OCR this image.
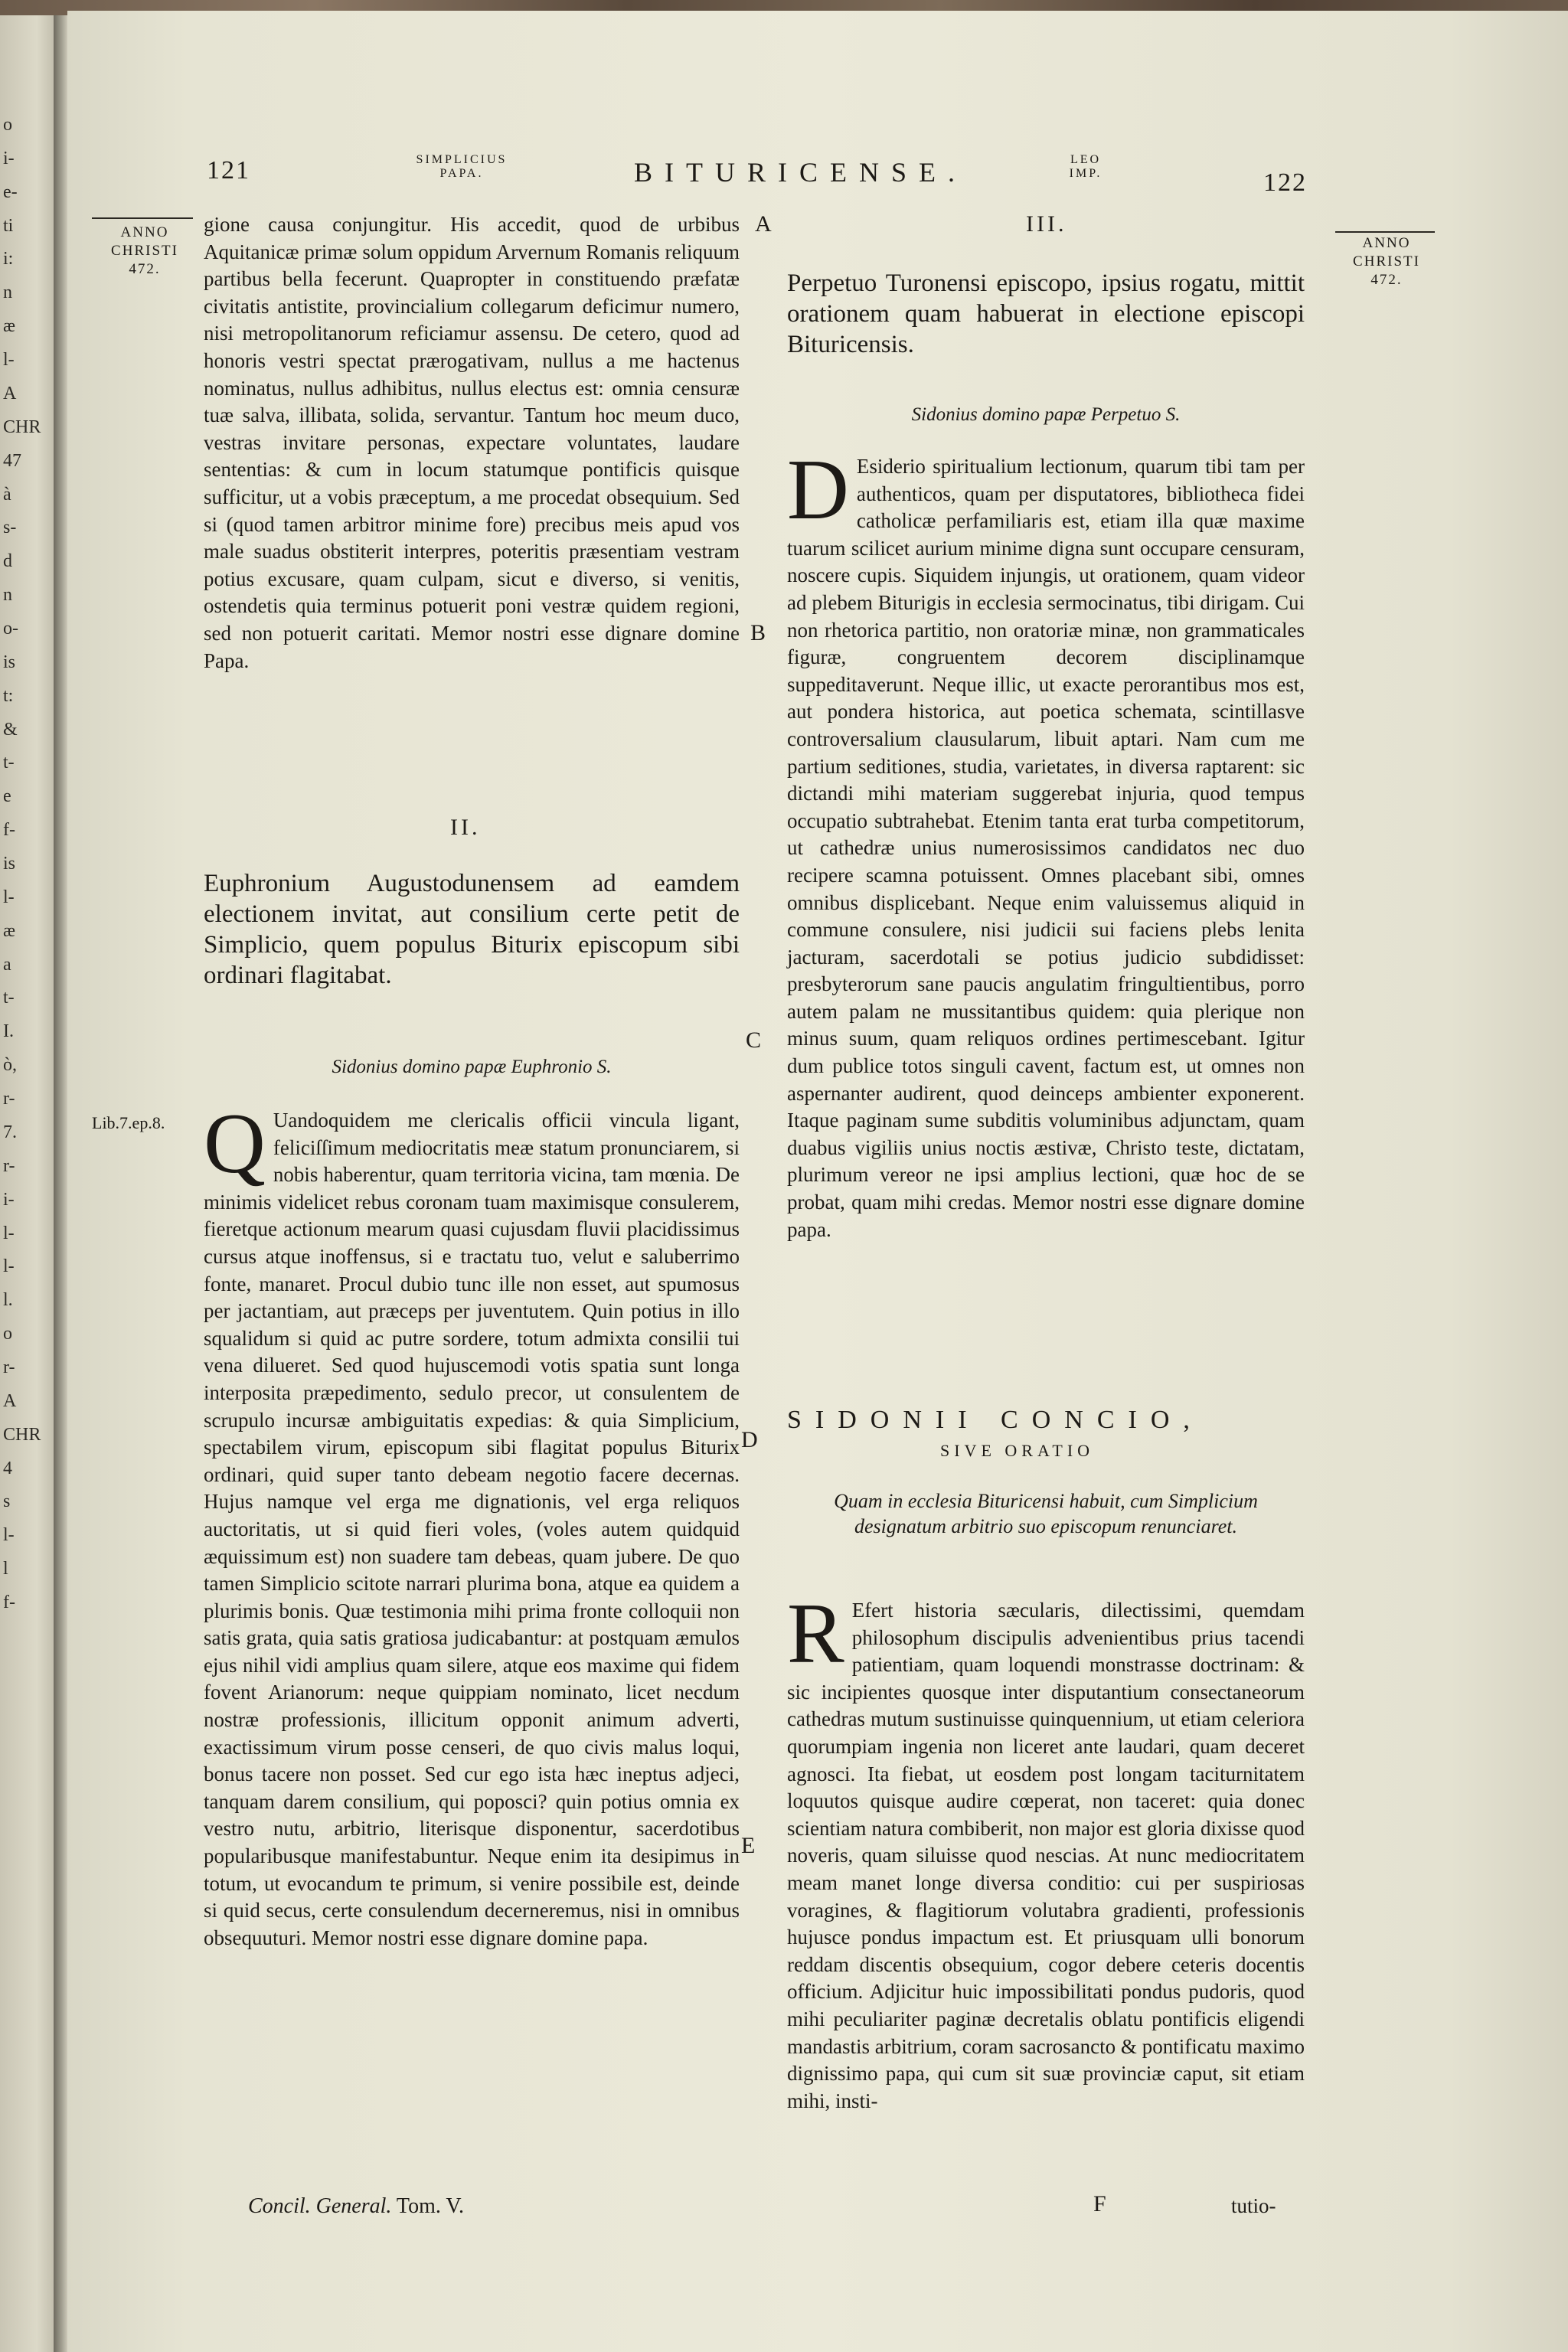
o
i-
e-
ti
i:
n
æ
l-
A
CHR
47
à
s-
d
n
o-
is
t:
&
t-
e
f-
is
l-
æ
a
t-
I.
ò,
r-
7.
r-
i-
l-
l-
l.
o
r-
A
CHR
4
s
l-
l
f-
121	SIMPLICIUS
PAPA.	BITURICENSE.	LEO
IMP.	122
ANNO
CHRISTI
472.
Lib.7.ep.8.
ANNO
CHRISTI
472.
A
B
C
D
E
F

gione causa conjungitur. His accedit, quod de urbibus Aquitanicæ primæ solum oppidum Arvernum Romanis reliquum partibus bella fecerunt. Quapropter in constituendo præfatæ civitatis antistite, provincialium collegarum deficimur numero, nisi metropolitanorum reficiamur assensu. De cetero, quod ad honoris vestri spectat prærogativam, nullus a me hactenus nominatus, nullus adhibitus, nullus electus est: omnia censuræ tuæ salva, illibata, solida, servantur. Tantum hoc meum duco, vestras invitare personas, expectare voluntates, laudare sententias: & cum in locum statumque pontificis quisque sufficitur, ut a vobis præceptum, a me procedat obsequium. Sed si (quod tamen arbitror minime fore) precibus meis apud vos male suadus obstiterit interpres, poteritis præsentiam vestram potius excusare, quam culpam, sicut e diverso, si venitis, ostendetis quia terminus potuerit poni vestræ quidem regioni, sed non potuerit caritati. Memor nostri esse dignare domine Papa.

II.
Euphronium Augustodunensem ad eamdem electionem invitat, aut consilium certe petit de Simplicio, quem populus Biturix episcopum sibi ordinari flagitabat.
Sidonius domino papæ Euphronio S.
Q Uandoquidem me clericalis officii vincula ligant, feliciſſimum mediocritatis meæ statum pronunciarem, si nobis haberentur, quam territoria vicina, tam mœnia. De minimis videlicet rebus coronam tuam maximisque consulerem, fieretque actionum mearum quasi cujusdam fluvii placidissimus cursus atque inoffensus, si e tractatu tuo, velut e saluberrimo fonte, manaret. Procul dubio tunc ille non esset, aut spumosus per jactantiam, aut præceps per juventutem. Quin potius in illo squalidum si quid ac putre sordere, totum admixta consilii tui vena dilueret. Sed quod hujuscemodi votis spatia sunt longa interposita præpedimento, sedulo precor, ut consulentem de scrupulo incursæ ambiguitatis expedias: & quia Simplicium, spectabilem virum, episcopum sibi flagitat populus Biturix ordinari, quid super tanto debeam negotio facere decernas. Hujus namque vel erga me dignationis, vel erga reliquos auctoritatis, ut si quid fieri voles, (voles autem quidquid æquissimum est) non suadere tam debeas, quam jubere. De quo tamen Simplicio scitote narrari plurima bona, atque ea quidem a plurimis bonis. Quæ testimonia mihi prima fronte colloquii non satis grata, quia satis gratiosa judicabantur: at postquam æmulos ejus nihil vidi amplius quam silere, atque eos maxime qui fidem fovent Arianorum: neque quippiam nominato, licet necdum nostræ professionis, illicitum opponit animum adverti, exactissimum virum posse censeri, de quo civis malus loqui, bonus tacere non posset. Sed cur ego ista hæc ineptus adjeci, tanquam darem consilium, qui poposci? quin potius omnia ex vestro nutu, arbitrio, literisque disponentur, sacerdotibus popularibusque manifestabuntur. Neque enim ita desipimus in totum, ut evocandum te primum, si venire possibile est, deinde si quid secus, certe consulendum decerneremus, nisi in omnibus obsequuturi. Memor nostri esse dignare domine papa.
Concil. General. Tom. V.
III.
Perpetuo Turonensi episcopo, ipsius rogatu, mittit orationem quam habuerat in electione episcopi Bituricensis.
Sidonius domino papæ Perpetuo S.
D Esiderio spiritualium lectionum, quarum tibi tam per authenticos, quam per disputatores, bibliotheca fidei catholicæ perfamiliaris est, etiam illa quæ maxime tuarum scilicet aurium minime digna sunt occupare censuram, noscere cupis. Siquidem injungis, ut orationem, quam videor ad plebem Biturigis in ecclesia sermocinatus, tibi dirigam. Cui non rhetorica partitio, non oratoriæ minæ, non grammaticales figuræ, congruentem decorem disciplinamque suppeditaverunt. Neque illic, ut exacte perorantibus mos est, aut pondera historica, aut poetica schemata, scintillasve controversalium clausularum, libuit aptari. Nam cum me partium seditiones, studia, varietates, in diversa raptarent: sic dictandi mihi materiam suggerebat injuria, quod tempus occupatio subtrahebat. Etenim tanta erat turba competitorum, ut cathedræ unius numerosissimos candidatos nec duo recipere scamna potuissent. Omnes placebant sibi, omnes omnibus displicebant. Neque enim valuissemus aliquid in commune consulere, nisi judicii sui faciens plebs lenita jacturam, sacerdotali se potius judicio subdidisset: presbyterorum sane paucis angulatim fringultientibus, porro autem palam ne mussitantibus quidem: quia plerique non minus suum, quam reliquos ordines pertimescebant. Igitur dum publice totos singuli cavent, factum est, ut omnes non aspernanter audirent, quod deinceps ambienter exponerent. Itaque paginam sume subditis voluminibus adjunctam, quam duabus vigiliis unius noctis æstivæ, Christo teste, dictatam, plurimum vereor ne ipsi amplius lectioni, quæ hoc de se probat, quam mihi credas. Memor nostri esse dignare domine papa.
SIDONII CONCIO,
SIVE ORATIO
Quam in ecclesia Bituricensi habuit, cum Simplicium designatum arbitrio suo episcopum renunciaret.
R Efert historia sæcularis, dilectissimi, quemdam philosophum discipulis advenientibus prius tacendi patientiam, quam loquendi monstrasse doctrinam: & sic incipientes quosque inter disputantium consectaneorum cathedras mutum sustinuisse quinquennium, ut etiam celeriora quorumpiam ingenia non liceret ante laudari, quam deceret agnosci. Ita fiebat, ut eosdem post longam taciturnitatem loquutos quisque audire cœperat, non taceret: quia donec scientiam natura combiberit, non major est gloria dixisse quod noveris, quam siluisse quod nescias. At nunc mediocritatem meam manet longe diversa conditio: cui per suspiriosas voragines, & flagitiorum volutabra gradienti, professionis hujusce pondus impactum est. Et priusquam ulli bonorum reddam discentis obsequium, cogor debere ceteris docentis officium. Adjicitur huic impossibilitati pondus pudoris, quod mihi peculiariter paginæ decretalis oblatu pontificis eligendi mandastis arbitrium, coram sacrosancto & pontificatu maximo dignissimo papa, qui cum sit suæ provinciæ caput, sit etiam mihi, insti-
tutio-
